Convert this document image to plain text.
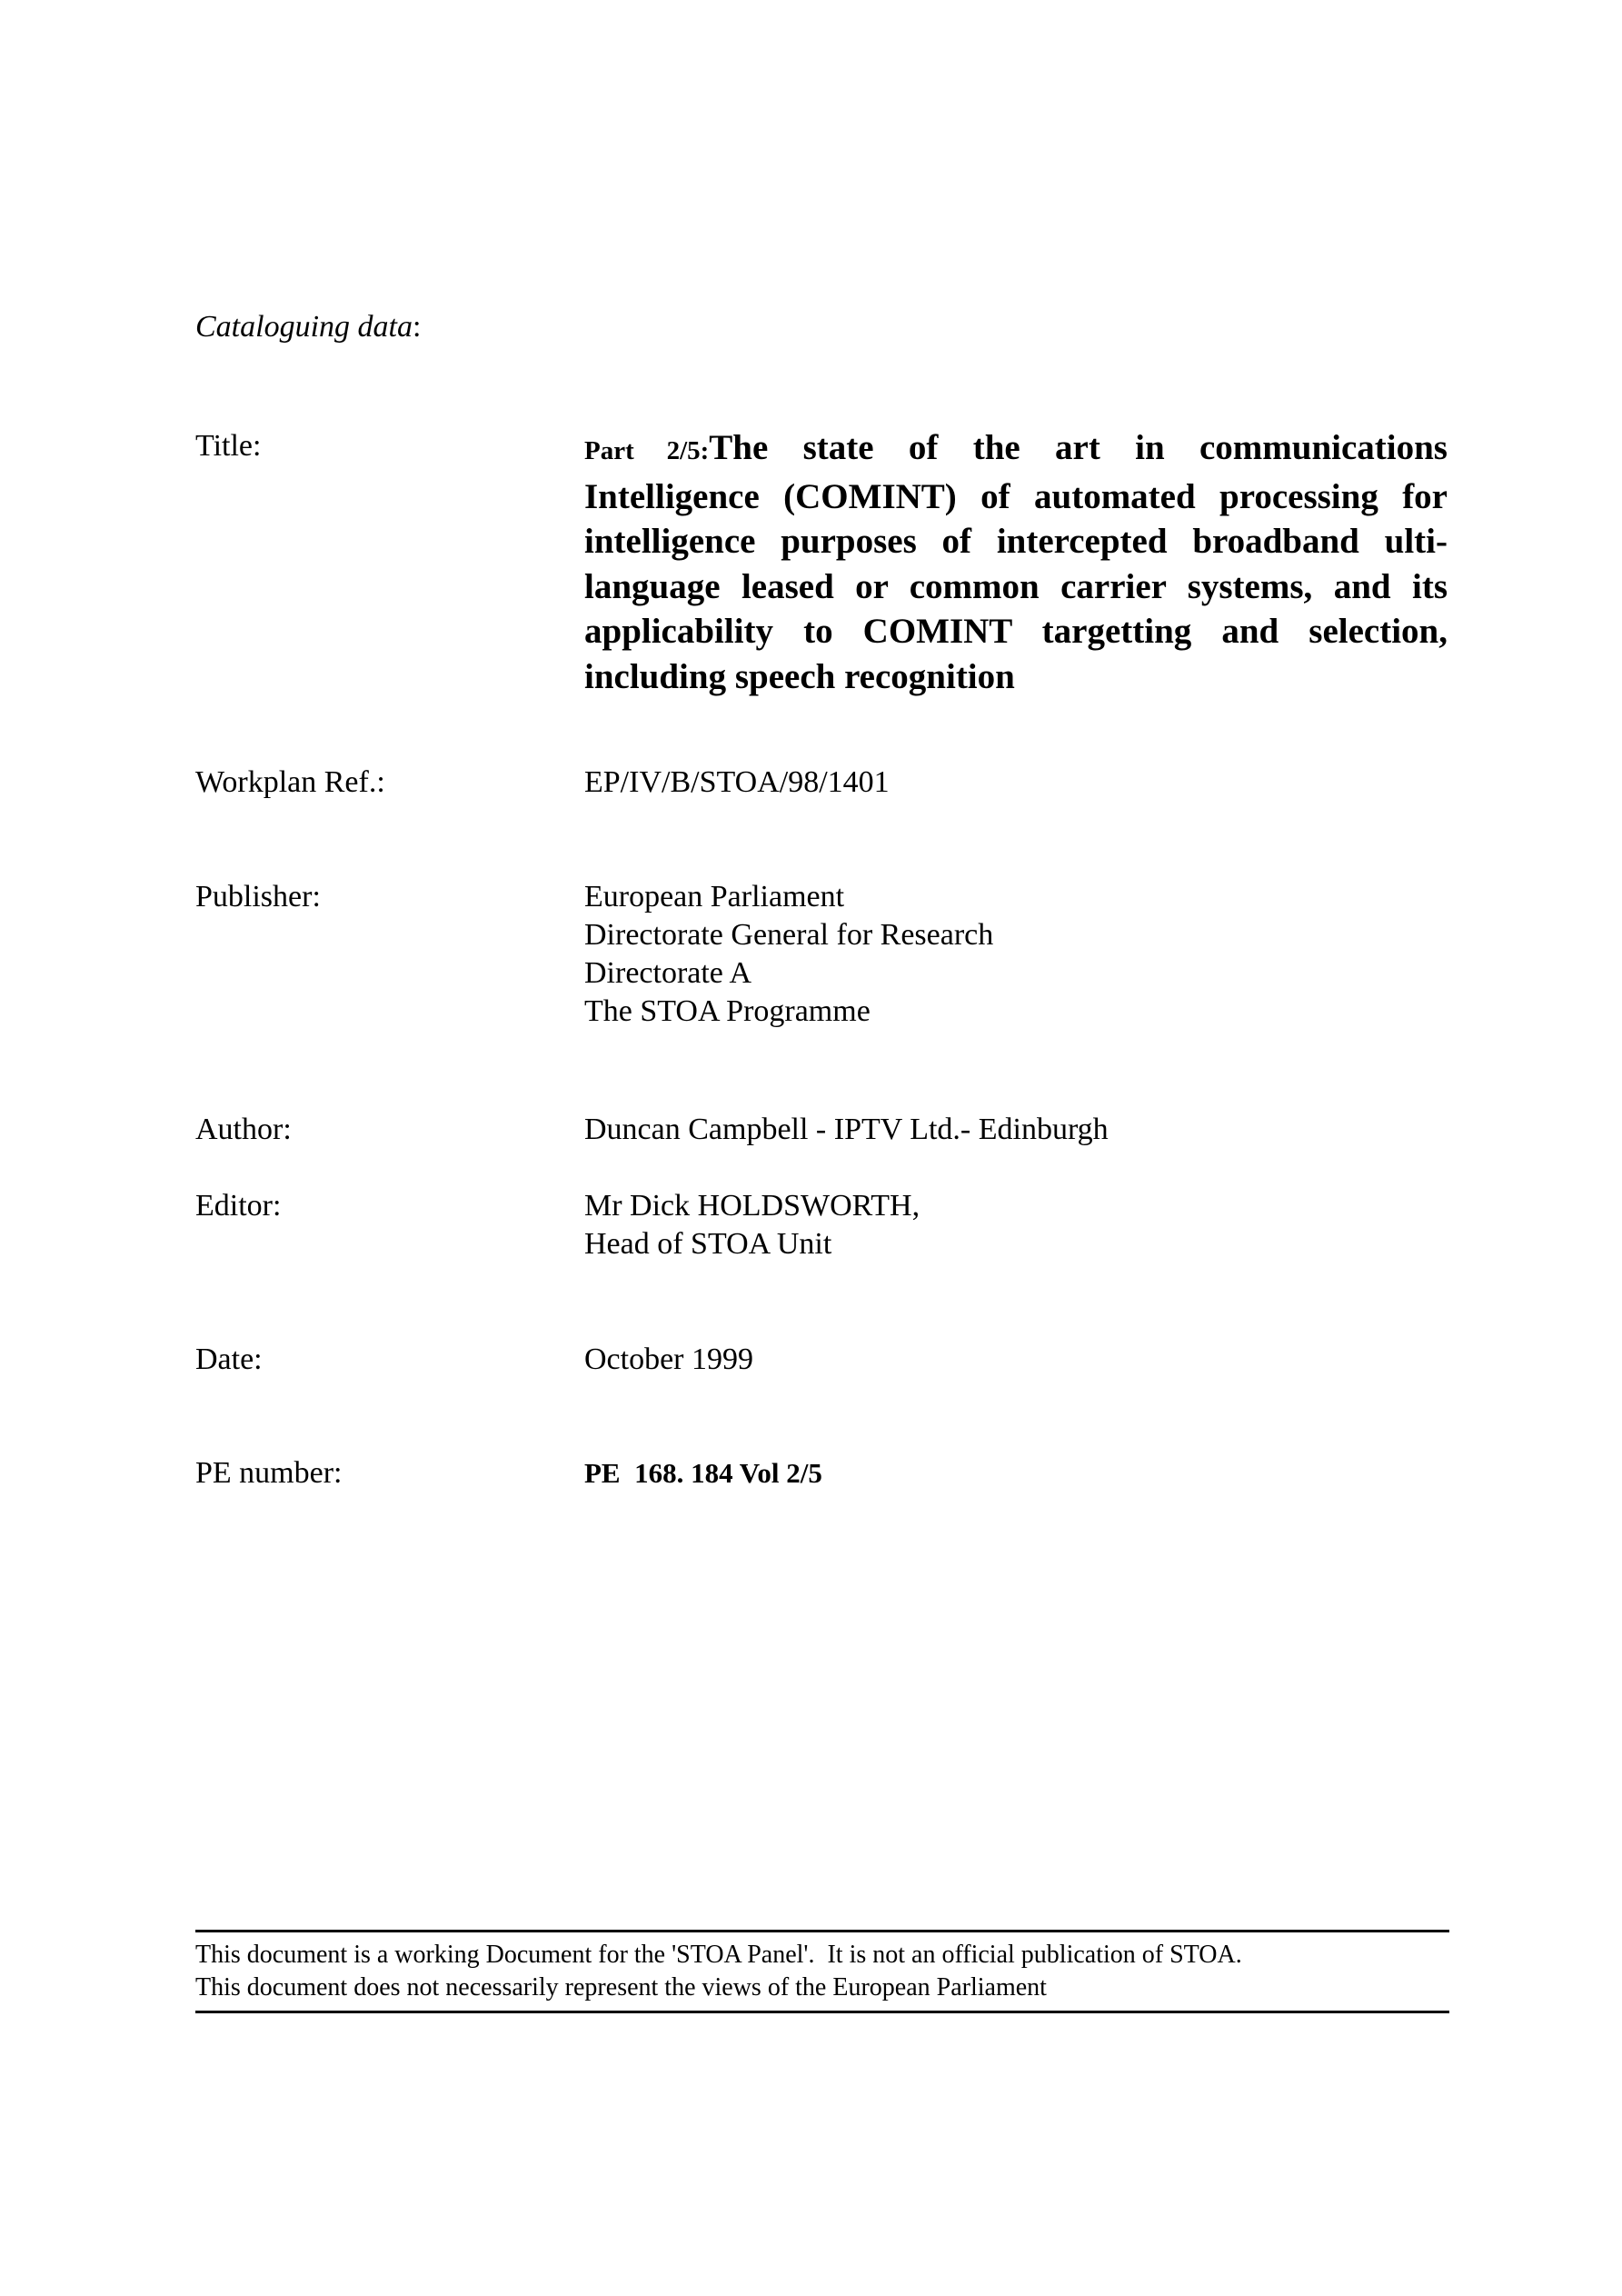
Cataloguing data:
Title:	Part 2/5:The state of the art in communications Intelligence (COMINT) of automated processing for intelligence purposes of intercepted broadband ulti-language leased or common carrier systems, and its applicability to COMINT targetting and selection, including speech recognition
Workplan Ref.:	EP/IV/B/STOA/98/1401
Publisher:	European Parliament
Directorate General for Research
Directorate A
The STOA Programme
Author:	Duncan Campbell - IPTV Ltd.- Edinburgh
Editor:	Mr Dick HOLDSWORTH,
Head of STOA Unit
Date:	October 1999
PE number:	PE  168. 184 Vol 2/5
This document is a working Document for the 'STOA Panel'.  It is not an official publication of STOA.
This document does not necessarily represent the views of the European Parliament
